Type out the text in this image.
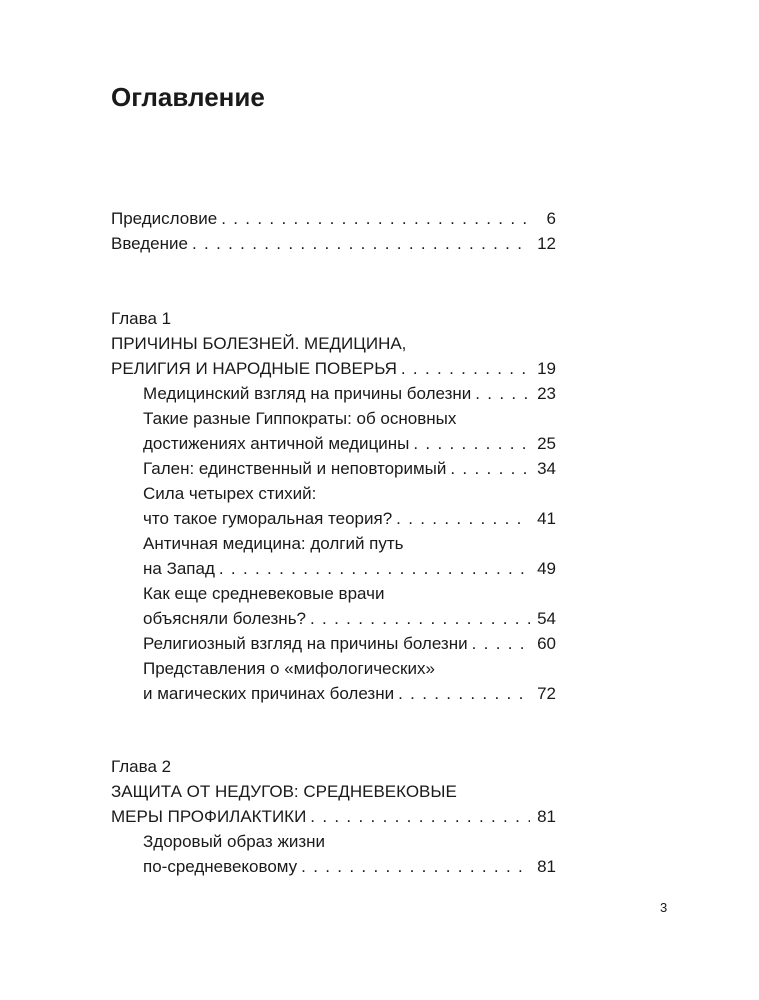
Оглавление
Предисловие . . .	6
Введение . . .	12
Глава 1
ПРИЧИНЫ БОЛЕЗНЕЙ. МЕДИЦИНА,
РЕЛИГИЯ И НАРОДНЫЕ ПОВЕРЬЯ . . .	19
Медицинский взгляд на причины болезни . . .	23
Такие разные Гиппократы: об основных
достижениях античной медицины . . .	25
Гален: единственный и неповторимый . . .	34
Сила четырех стихий:
что такое гуморальная теория? . . .	41
Античная медицина: долгий путь
на Запад . . .	49
Как еще средневековые врачи
объясняли болезнь? . . .	54
Религиозный взгляд на причины болезни . . .	60
Представления о «мифологических»
и магических причинах болезни . . .	72
Глава 2
ЗАЩИТА ОТ НЕДУГОВ: СРЕДНЕВЕКОВЫЕ
МЕРЫ ПРОФИЛАКТИКИ . . .	81
Здоровый образ жизни
по-средневековому . . .	81
3
